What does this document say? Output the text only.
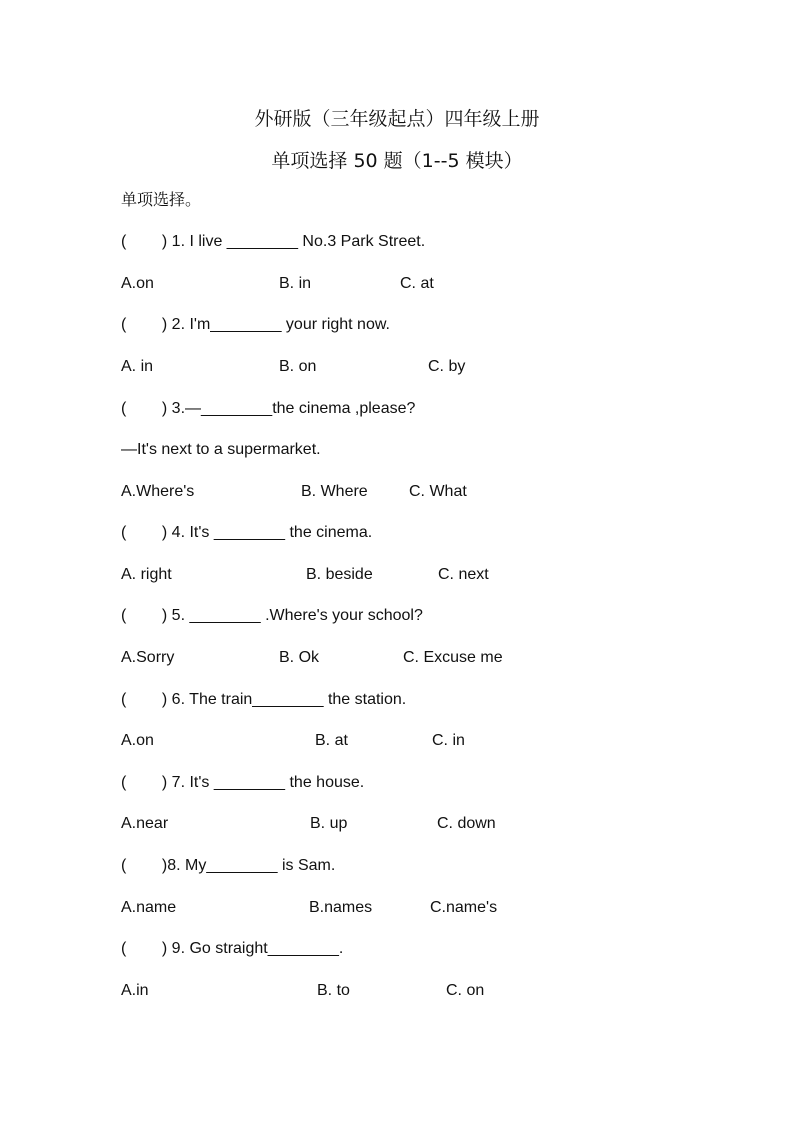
外研版（三年级起点）四年级上册
单项选择 50 题（1--5 模块）
单项选择。
(        ) 1. I live ________ No.3 Park Street.
A.on	B. in	C. at
(        ) 2. I'm________ your right now.
A. in	B. on	C. by
(        ) 3.—________the cinema ,please?
—It's next to a supermarket.
A.Where's	B. Where	C. What
(        ) 4. It's ________ the cinema.
A. right	B. beside	C. next
(        ) 5. ________ .Where's your school?
A.Sorry	B. Ok	C. Excuse me
(        ) 6. The train________ the station.
A.on	B. at	C. in
(        ) 7. It's ________ the house.
A.near	B. up	C. down
(        )8. My________ is Sam.
A.name	B.names	C.name's
(        ) 9. Go straight________.
A.in	B. to	C. on
